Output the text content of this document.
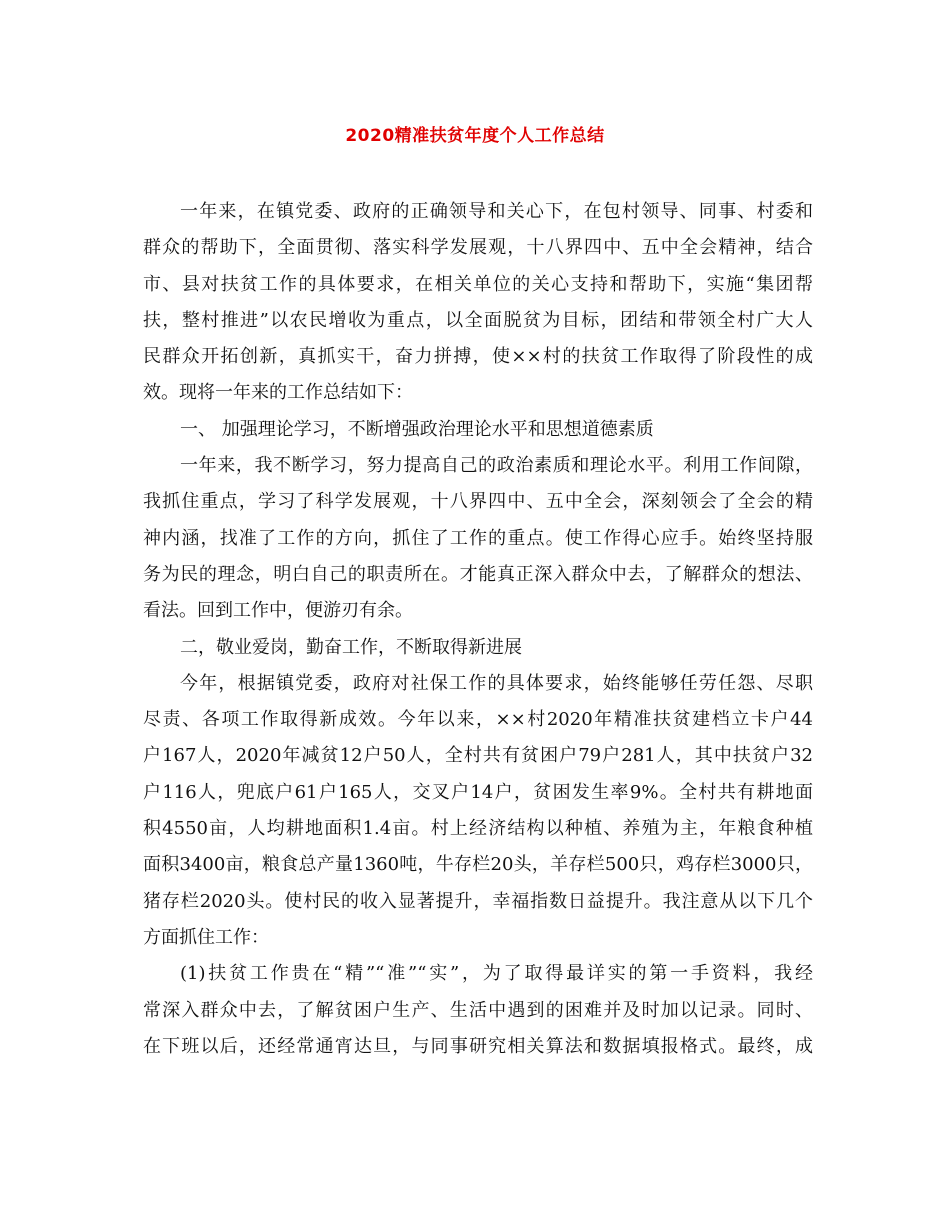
2020精准扶贫年度个人工作总结
一年来，在镇党委、政府的正确领导和关心下，在包村领导、同事、村委和
群众的帮助下，全面贯彻、落实科学发展观，十八界四中、五中全会精神，结合
市、县对扶贫工作的具体要求，在相关单位的关心支持和帮助下，实施“集团帮
扶，整村推进”以农民增收为重点，以全面脱贫为目标，团结和带领全村广大人
民群众开拓创新，真抓实干，奋力拼搏，使××村的扶贫工作取得了阶段性的成
效。现将一年来的工作总结如下：
一、 加强理论学习，不断增强政治理论水平和思想道德素质
一年来，我不断学习，努力提高自己的政治素质和理论水平。利用工作间隙，
我抓住重点，学习了科学发展观，十八界四中、五中全会，深刻领会了全会的精
神内涵，找准了工作的方向，抓住了工作的重点。使工作得心应手。始终坚持服
务为民的理念，明白自己的职责所在。才能真正深入群众中去，了解群众的想法、
看法。回到工作中，便游刃有余。
二，敬业爱岗，勤奋工作，不断取得新进展
今年，根据镇党委，政府对社保工作的具体要求，始终能够任劳任怨、尽职
尽责、各项工作取得新成效。今年以来，××村2020年精准扶贫建档立卡户44
户167人，2020年减贫12户50人，全村共有贫困户79户281人，其中扶贫户32
户116人，兜底户61户165人，交叉户14户，贫困发生率9%。全村共有耕地面
积4550亩，人均耕地面积1.4亩。村上经济结构以种植、养殖为主，年粮食种植
面积3400亩，粮食总产量1360吨，牛存栏20头，羊存栏500只，鸡存栏3000只，
猪存栏2020头。使村民的收入显著提升，幸福指数日益提升。我注意从以下几个
方面抓住工作：
(1)扶贫工作贵在“精”“准”“实”，为了取得最详实的第一手资料，我经
常深入群众中去，了解贫困户生产、生活中遇到的困难并及时加以记录。同时、
在下班以后，还经常通宵达旦，与同事研究相关算法和数据填报格式。最终，成
